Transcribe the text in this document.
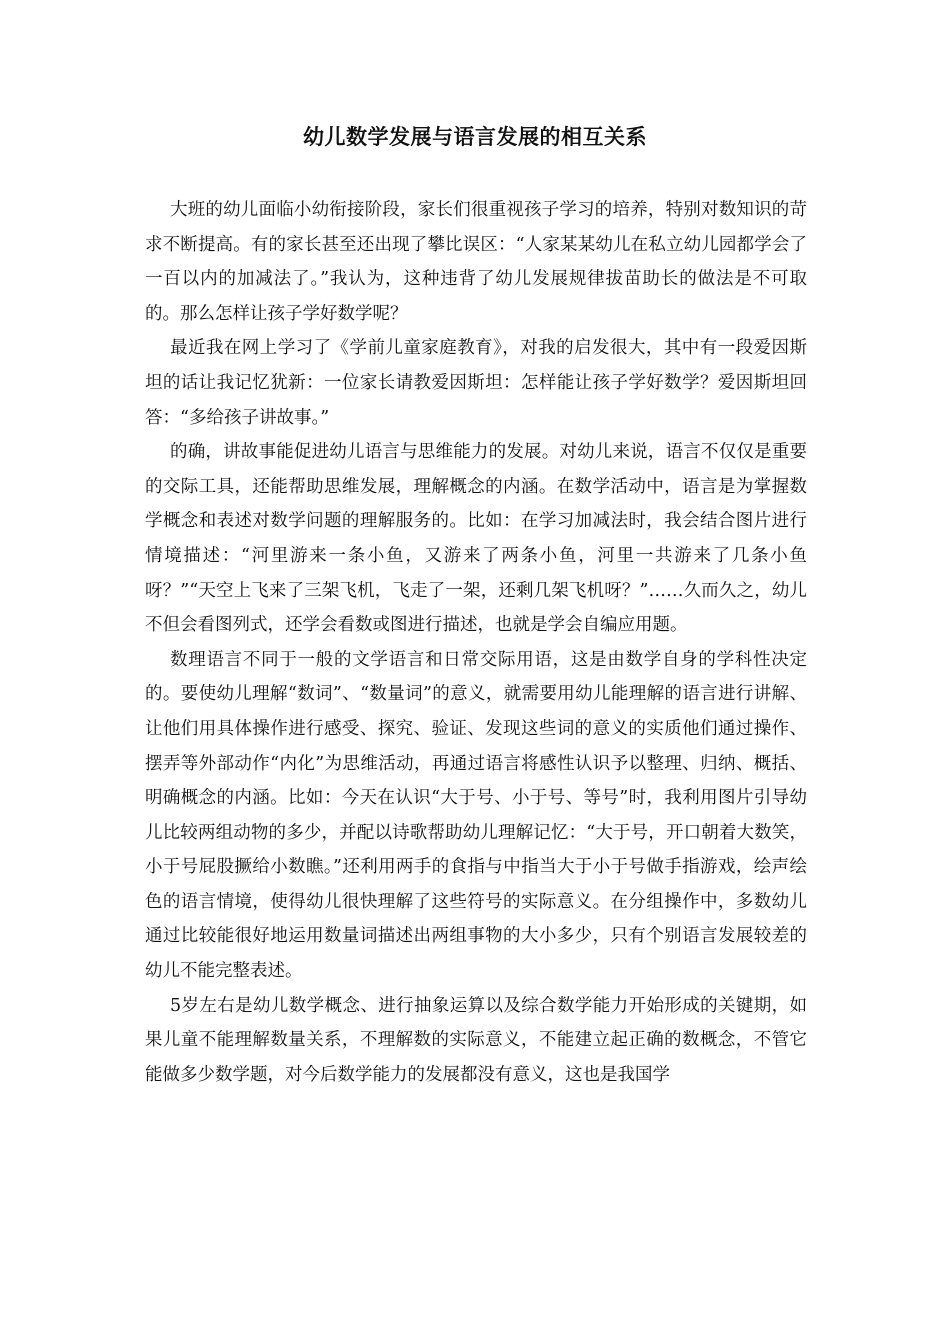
幼儿数学发展与语言发展的相互关系

大班的幼儿面临小幼衔接阶段，家长们很重视孩子学习的培养，特别对数知识的苛求不断提高。有的家长甚至还出现了攀比误区：“人家某某幼儿在私立幼儿园都学会了一百以内的加减法了。”我认为，这种违背了幼儿发展规律拔苗助长的做法是不可取的。那么怎样让孩子学好数学呢？

最近我在网上学习了《学前儿童家庭教育》，对我的启发很大，其中有一段爱因斯坦的话让我记忆犹新：一位家长请教爱因斯坦：怎样能让孩子学好数学？爱因斯坦回答：“多给孩子讲故事。”

的确，讲故事能促进幼儿语言与思维能力的发展。对幼儿来说，语言不仅仅是重要的交际工具，还能帮助思维发展，理解概念的内涵。在数学活动中，语言是为掌握数学概念和表述对数学问题的理解服务的。比如：在学习加减法时，我会结合图片进行情境描述：“河里游来一条小鱼，又游来了两条小鱼，河里一共游来了几条小鱼呀？”“天空上飞来了三架飞机，飞走了一架，还剩几架飞机呀？”……久而久之，幼儿不但会看图列式，还学会看数或图进行描述，也就是学会自编应用题。

数理语言不同于一般的文学语言和日常交际用语，这是由数学自身的学科性决定的。要使幼儿理解“数词”、“数量词”的意义，就需要用幼儿能理解的语言进行讲解、让他们用具体操作进行感受、探究、验证、发现这些词的意义的实质他们通过操作、摆弄等外部动作“内化”为思维活动，再通过语言将感性认识予以整理、归纳、概括、明确概念的内涵。比如：今天在认识“大于号、小于号、等号”时，我利用图片引导幼儿比较两组动物的多少，并配以诗歌帮助幼儿理解记忆：“大于号，开口朝着大数笑，小于号屁股撅给小数瞧。”还利用两手的食指与中指当大于小于号做手指游戏，绘声绘色的语言情境，使得幼儿很快理解了这些符号的实际意义。在分组操作中，多数幼儿通过比较能很好地运用数量词描述出两组事物的大小多少，只有个别语言发展较差的幼儿不能完整表述。

5岁左右是幼儿数学概念、进行抽象运算以及综合数学能力开始形成的关键期，如果儿童不能理解数量关系，不理解数的实际意义，不能建立起正确的数概念，不管它能做多少数学题，对今后数学能力的发展都没有意义，这也是我国学
